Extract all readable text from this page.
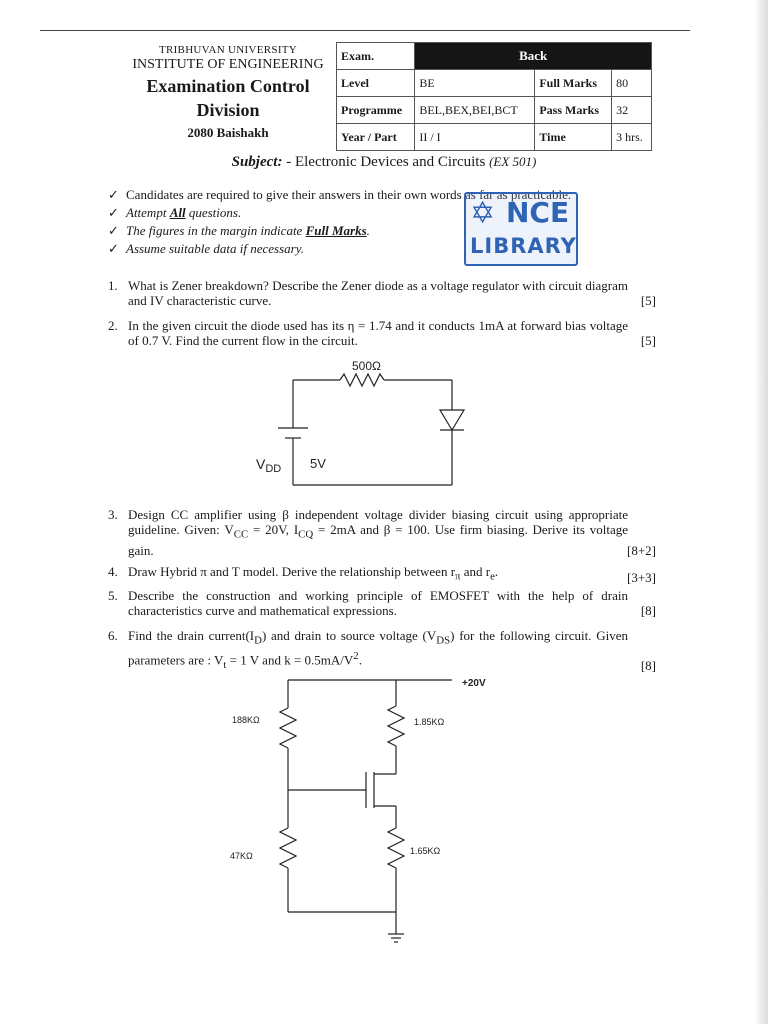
TRIBHUVAN UNIVERSITY
INSTITUTE OF ENGINEERING
Examination Control
Division
2080 Baishakh
Exam.	Back		
Level	BE	Full Marks	80
Programme	BEL,BEX,BEI,BCT	Pass Marks	32
Year / Part	II / I	Time	3 hrs.
Subject: - Electronic Devices and Circuits (EX 501)
✓ Candidates are required to give their answers in their own words as far as practicable.
✓ Attempt All questions.
✓ The figures in the margin indicate Full Marks.
✓ Assume suitable data if necessary.
✡ NCE
LIBRARY
1. What is Zener breakdown? Describe the Zener diode as a voltage regulator with circuit diagram and IV characteristic curve.	[5]
2. In the given circuit the diode used has its η = 1.74 and it conducts 1mA at forward bias voltage of 0.7 V. Find the current flow in the circuit.	[5]
500Ω
$V_{DD}$ 5V
3. Design CC amplifier using β independent voltage divider biasing circuit using appropriate guideline. Given: $V_{CC} = 20V$, $I_{CQ} = 2mA$ and β = 100. Use firm biasing. Derive its voltage gain.	[8+2]
4. Draw Hybrid π and T model. Derive the relationship between $r_\pi$ and $r_e$.	[3+3]
5. Describe the construction and working principle of EMOSFET with the help of drain characteristics curve and mathematical expressions.	[8]
6. Find the drain $current(I_D)$ and drain to source voltage $(V_{DS})$ for the following circuit. Given parameters are : $V_t = 1$ V and $k = 0.5mA/V^2$.	[8]
+20V
188KΩ	1.85KΩ
47KΩ	1.65KΩ
